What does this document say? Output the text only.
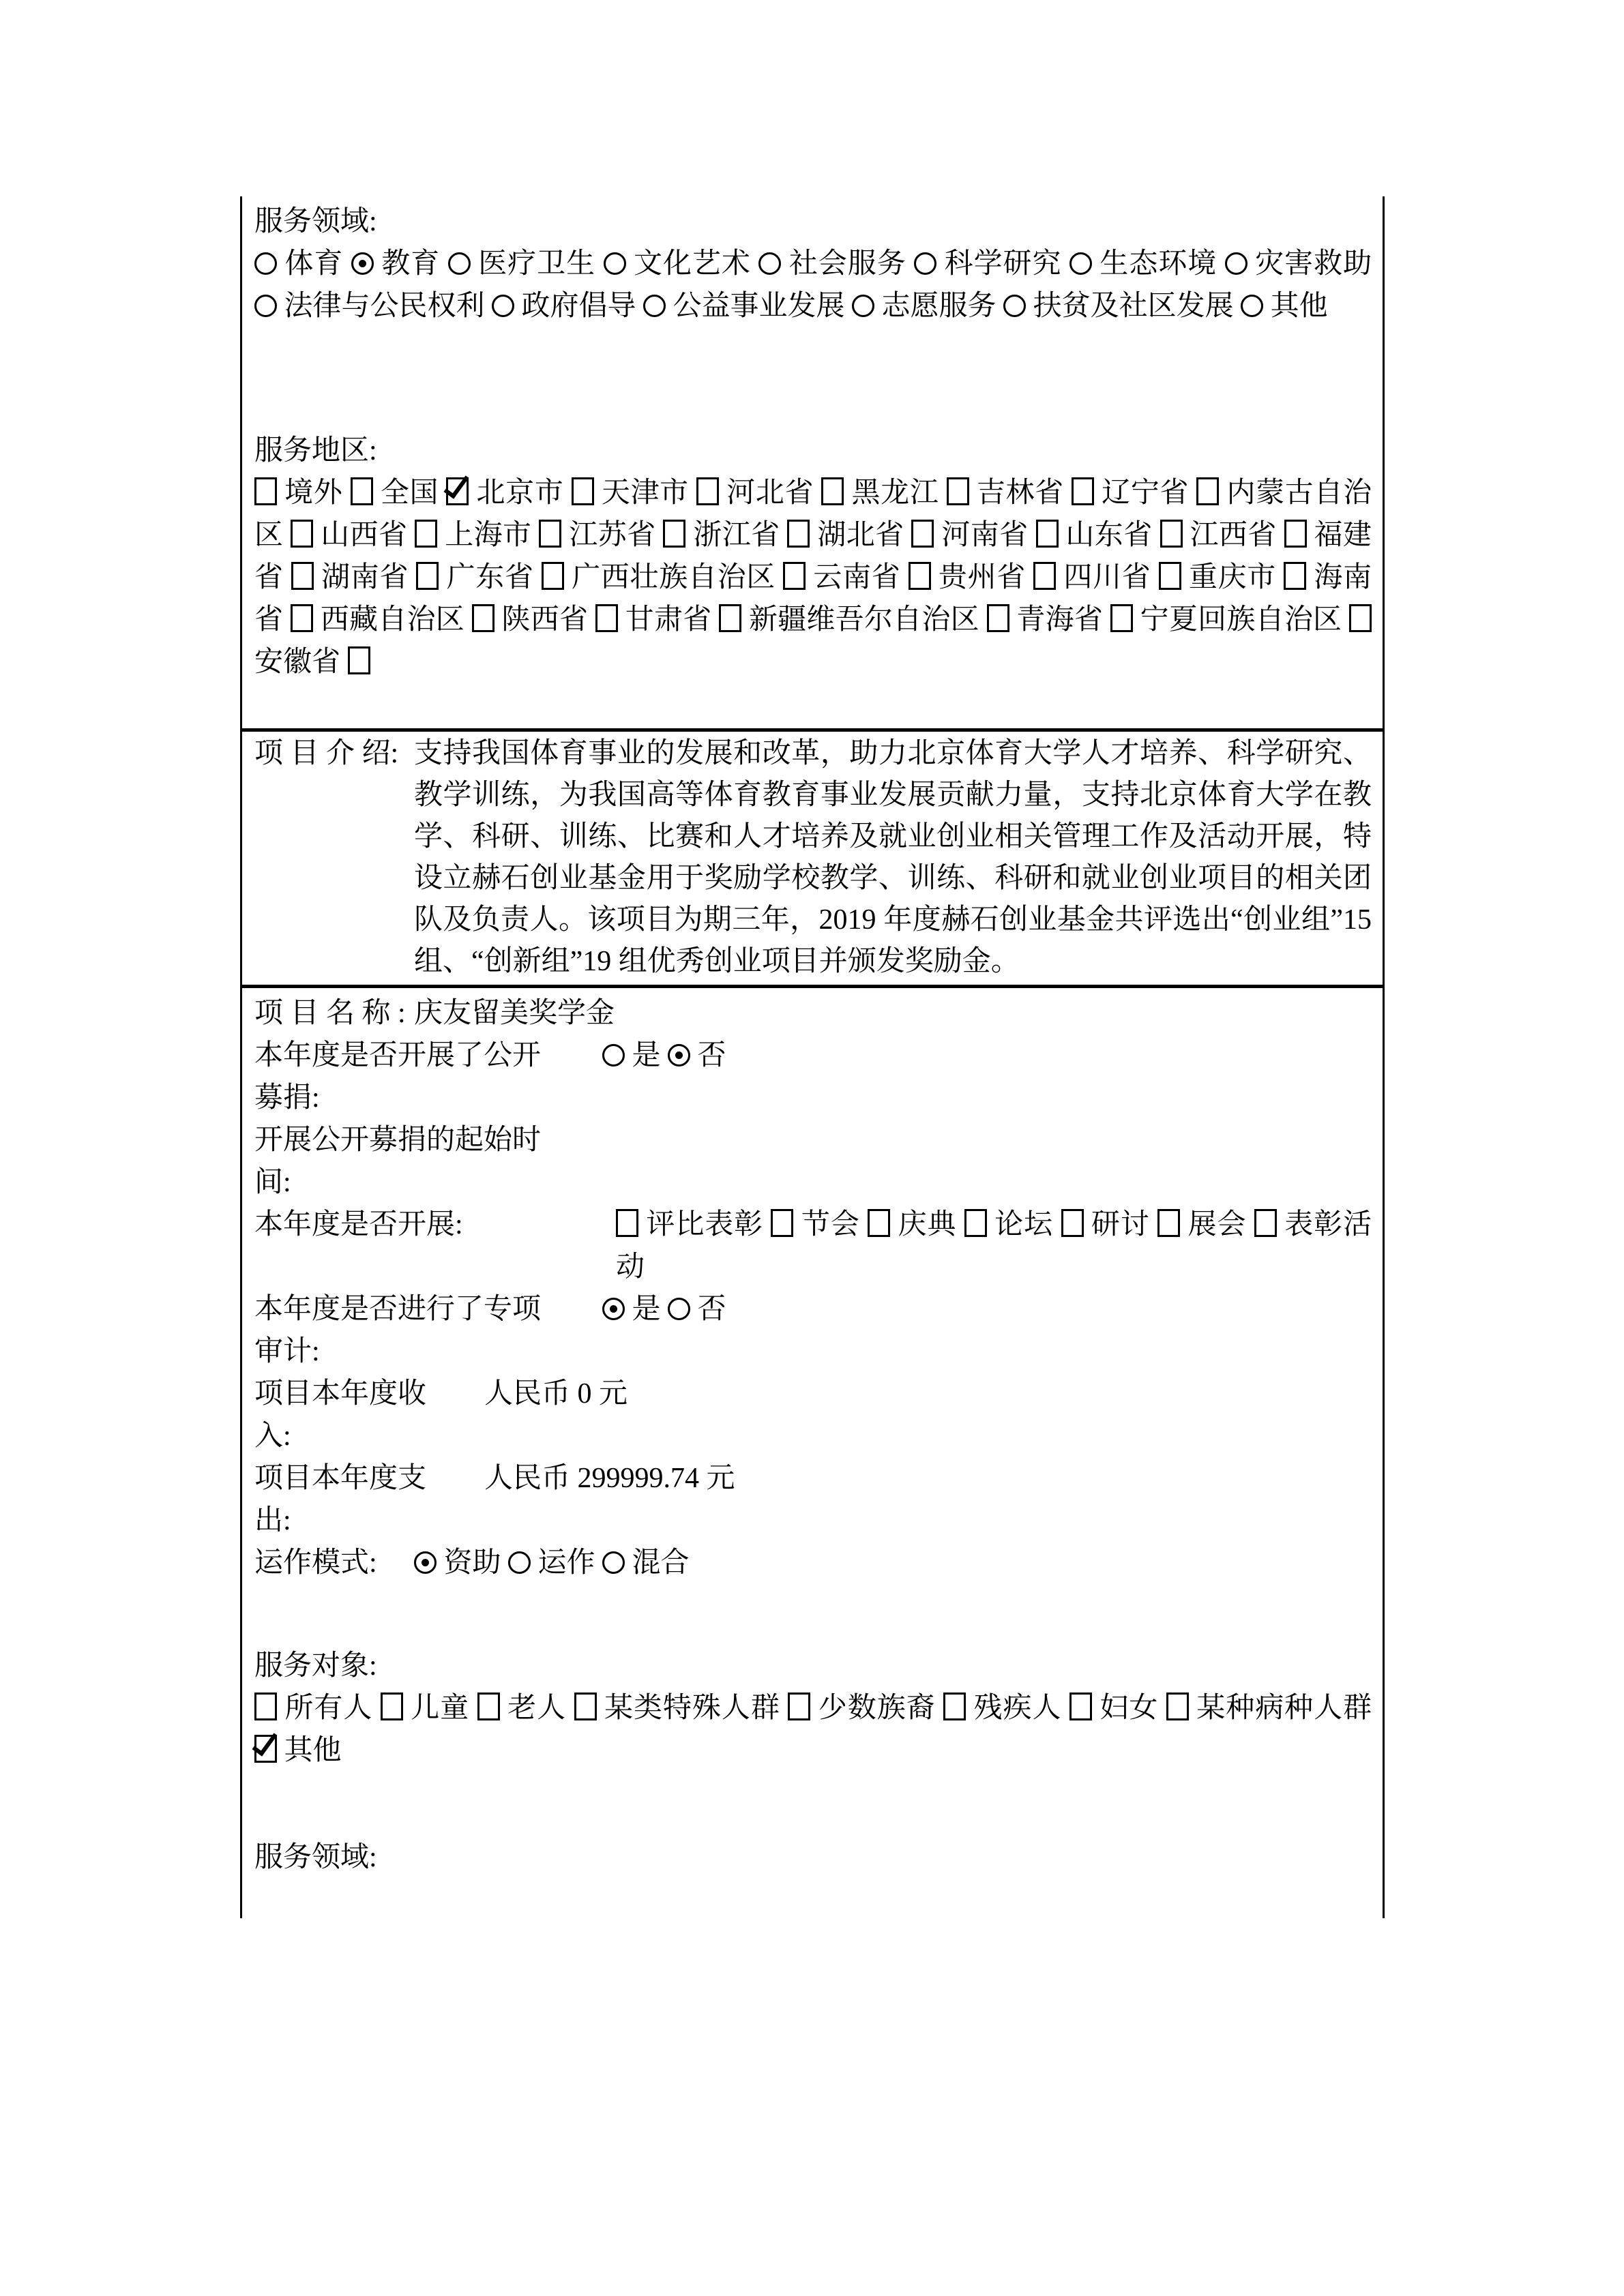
服务领域:

体育 教育 医疗卫生 文化艺术 社会服务 科学研究 生态环境 灾害救助  法律与公民权利 政府倡导 公益事业发展 志愿服务 扶贫及社区发展 其他

服务地区:

境外 全国 北京市 天津市 河北省 黑龙江 吉林省 辽宁省 内蒙古自治区 山西省 上海市 江苏省 浙江省 湖北省 河南省 山东省 江西省 福建省 湖南省 广东省 广西壮族自治区 云南省 贵州省 四川省 重庆市 海南省 西藏自治区 陕西省 甘肃省 新疆维吾尔自治区 青海省 宁夏回族自治区  安徽省

项 目 介 绍: 支持我国体育事业的发展和改革，助力北京体育大学人才培养、科学研究、教学训练，为我国高等体育教育事业发展贡献力量，支持北京体育大学在教学、科研、训练、比赛和人才培养及就业创业相关管理工作及活动开展，特设立赫石创业基金用于奖励学校教学、训练、科研和就业创业项目的相关团队及负责人。该项目为期三年，2019 年度赫石创业基金共评选出“创业组”15 组、“创新组”19 组优秀创业项目并颁发奖励金。
项 目 名 称 : 庆友留美奖学金
本年度是否开展了公开募捐:
是 否
开展公开募捐的起始时间:
本年度是否开展:	评比表彰 节会 庆典 论坛 研讨 展会 表彰活动
本年度是否进行了专项审计:
是 否
项目本年度收入:
人民币 0 元
项目本年度支出:
人民币 299999.74 元
运作模式:	资助 运作 混合

服务对象:

所有人 儿童 老人 某类特殊人群 少数族裔 残疾人 妇女 某种病种人群  其他

服务领域:
